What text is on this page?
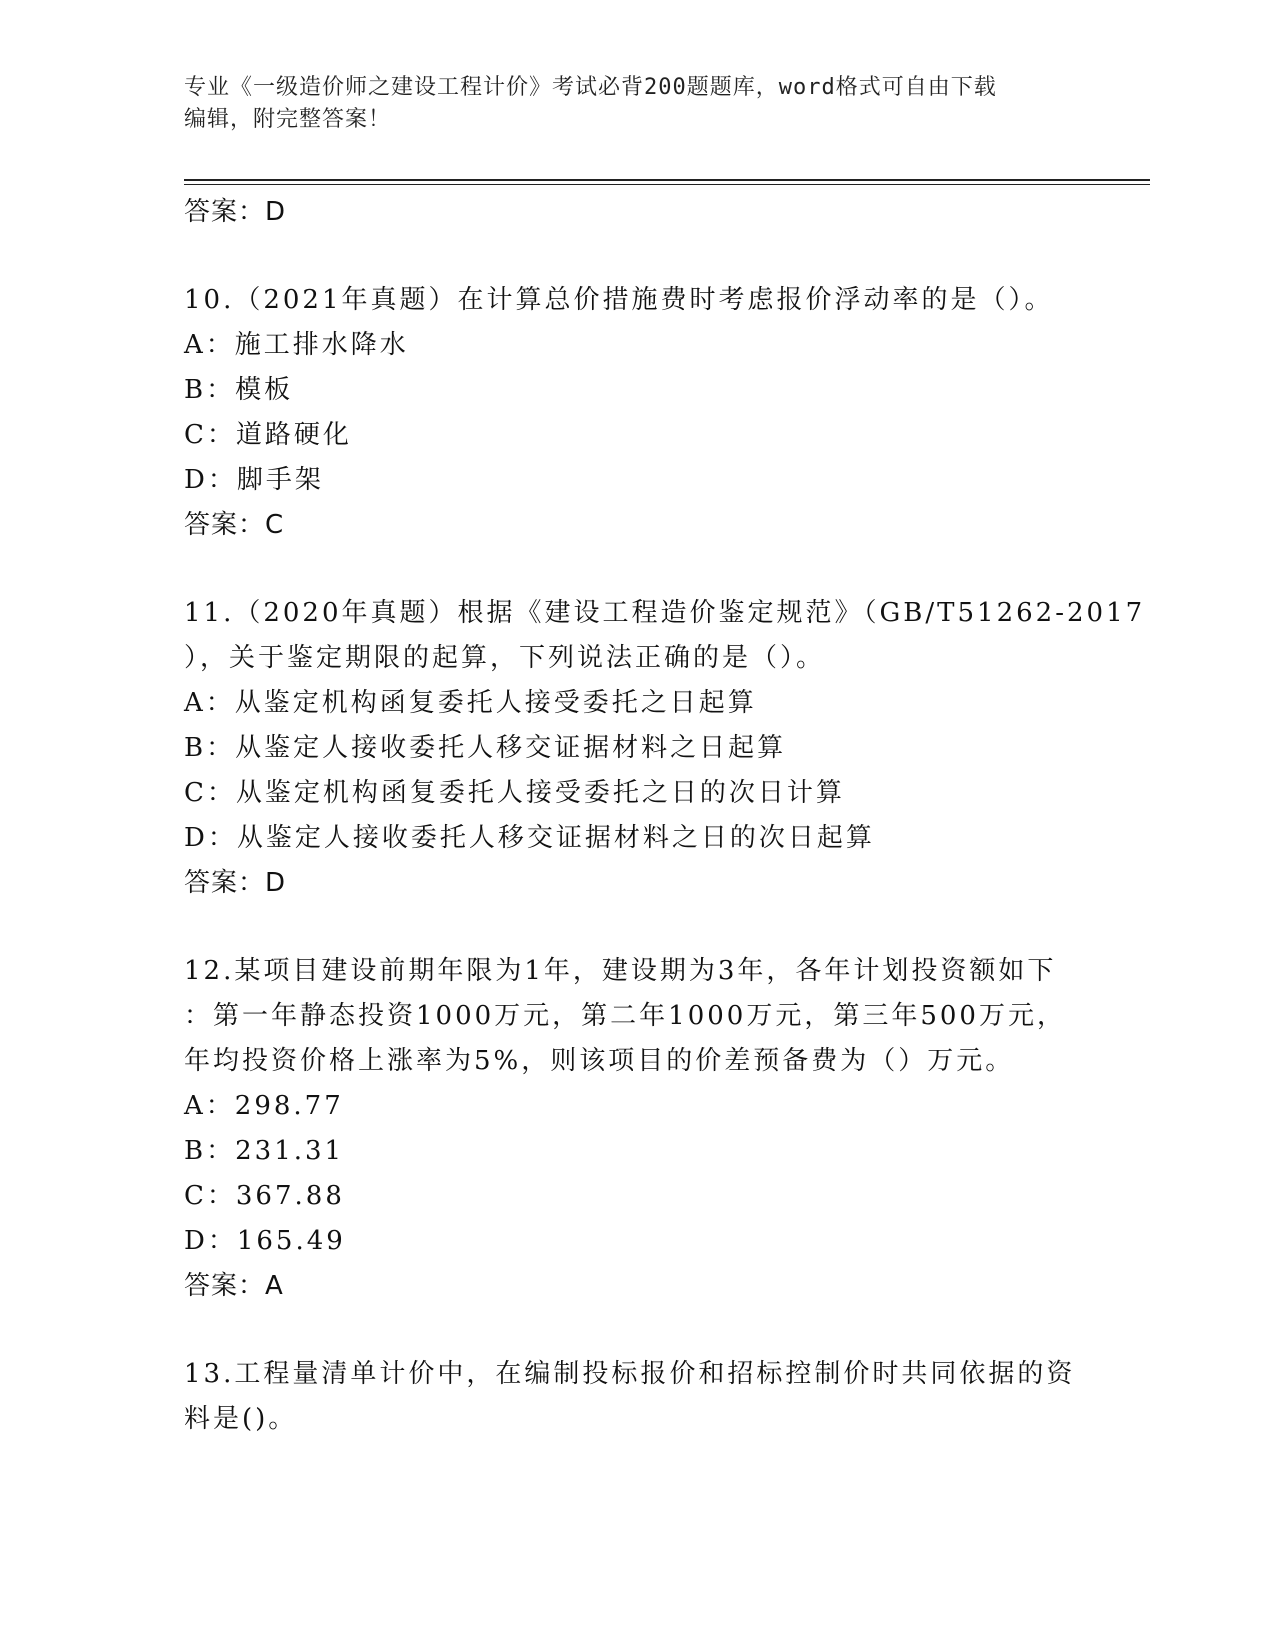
专业《一级造价师之建设工程计价》考试必背200题题库，word格式可自由下载
编辑，附完整答案！

答案：D

10.（2021年真题）在计算总价措施费时考虑报价浮动率的是（）。

A：施工排水降水

B：模板

C：道路硬化

D：脚手架

答案：C

11.（2020年真题）根据《建设工程造价鉴定规范》（GB/T51262-2017

），关于鉴定期限的起算，下列说法正确的是（）。

A：从鉴定机构函复委托人接受委托之日起算

B：从鉴定人接收委托人移交证据材料之日起算

C：从鉴定机构函复委托人接受委托之日的次日计算

D：从鉴定人接收委托人移交证据材料之日的次日起算

答案：D

12.某项目建设前期年限为1年，建设期为3年，各年计划投资额如下

：第一年静态投资1000万元，第二年1000万元，第三年500万元，

年均投资价格上涨率为5%，则该项目的价差预备费为（）万元。

A：298.77

B：231.31

C：367.88

D：165.49

答案：A

13.工程量清单计价中，在编制投标报价和招标控制价时共同依据的资

料是()。
